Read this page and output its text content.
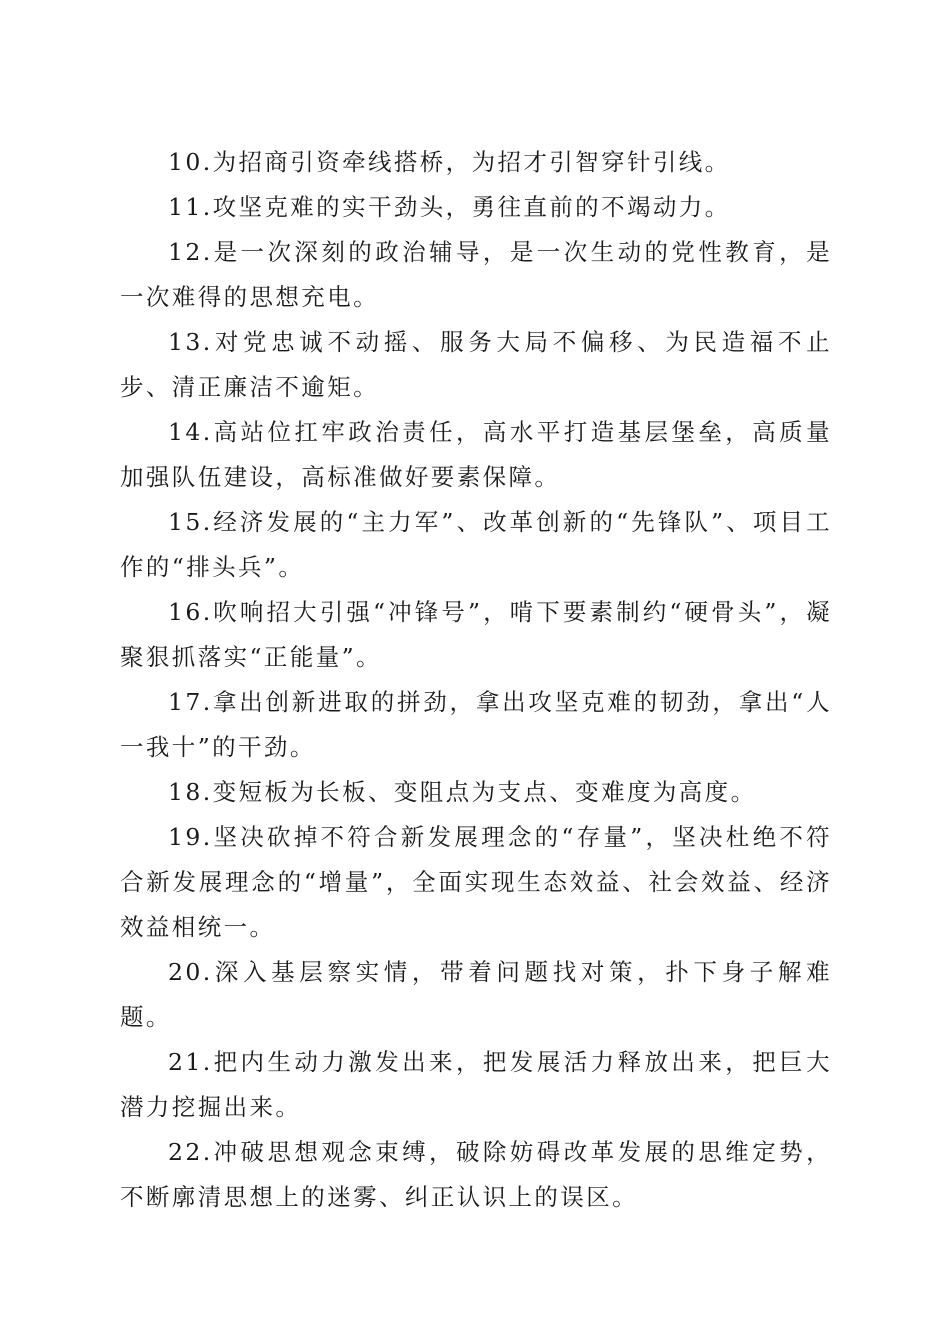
10.为招商引资牵线搭桥，为招才引智穿针引线。

11.攻坚克难的实干劲头，勇往直前的不竭动力。

12.是一次深刻的政治辅导，是一次生动的党性教育，是一次难得的思想充电。

13.对党忠诚不动摇、服务大局不偏移、为民造福不止步、清正廉洁不逾矩。

14.高站位扛牢政治责任，高水平打造基层堡垒，高质量加强队伍建设，高标准做好要素保障。

15.经济发展的“主力军”、改革创新的“先锋队”、项目工作的“排头兵”。

16.吹响招大引强“冲锋号”，啃下要素制约“硬骨头”，凝聚狠抓落实“正能量”。

17.拿出创新进取的拼劲，拿出攻坚克难的韧劲，拿出“人一我十”的干劲。

18.变短板为长板、变阻点为支点、变难度为高度。

19.坚决砍掉不符合新发展理念的“存量”，坚决杜绝不符合新发展理念的“增量”，全面实现生态效益、社会效益、经济效益相统一。

20.深入基层察实情，带着问题找对策，扑下身子解难题。

21.把内生动力激发出来，把发展活力释放出来，把巨大潜力挖掘出来。

22.冲破思想观念束缚，破除妨碍改革发展的思维定势，不断廓清思想上的迷雾、纠正认识上的误区。
